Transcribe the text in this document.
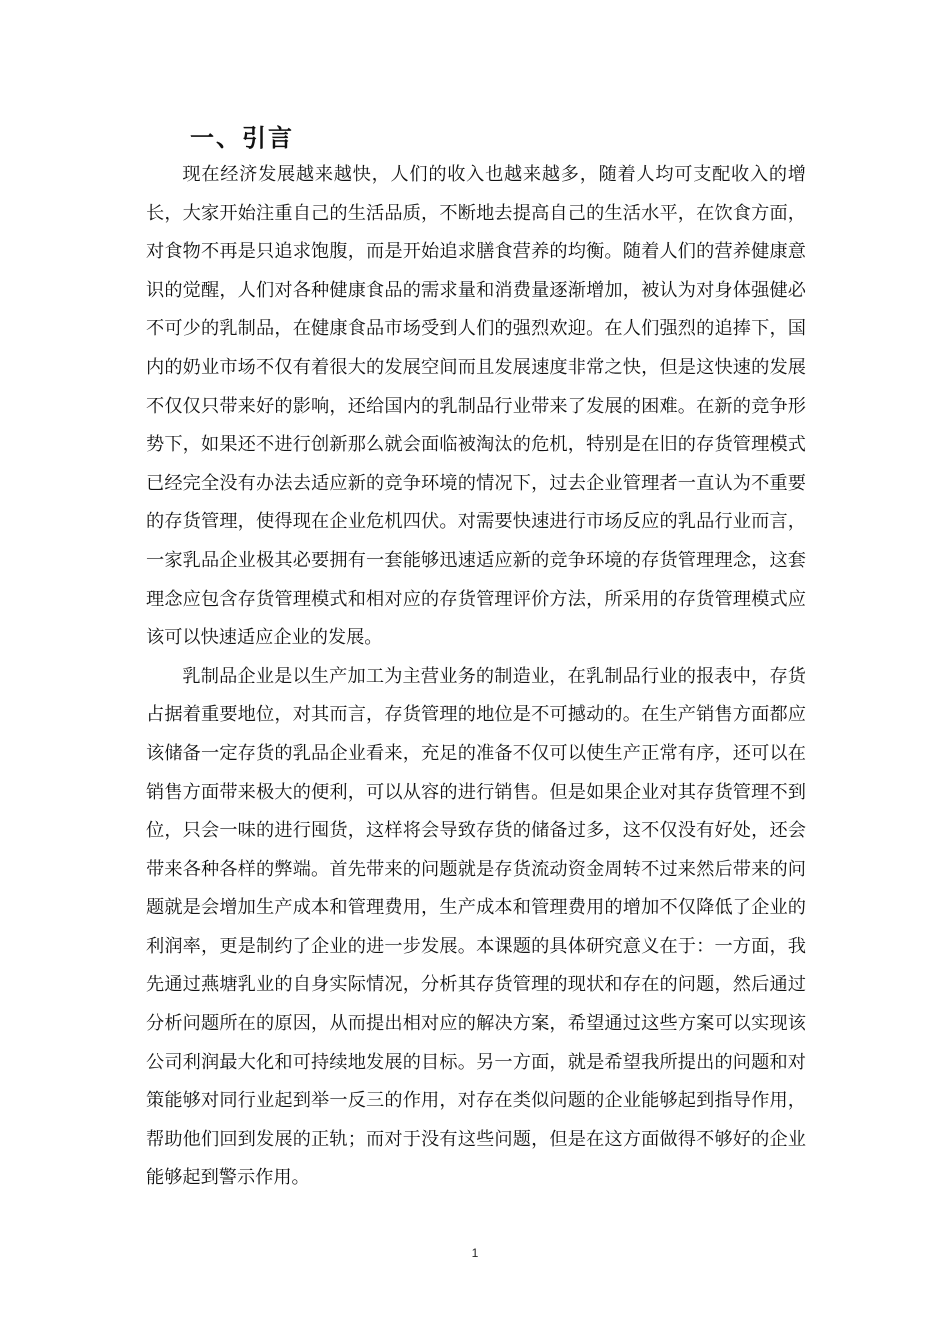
一、引言

现在经济发展越来越快，人们的收入也越来越多，随着人均可支配收入的增长，大家开始注重自己的生活品质，不断地去提高自己的生活水平，在饮食方面，对食物不再是只追求饱腹，而是开始追求膳食营养的均衡。随着人们的营养健康意识的觉醒，人们对各种健康食品的需求量和消费量逐渐增加，被认为对身体强健必不可少的乳制品，在健康食品市场受到人们的强烈欢迎。在人们强烈的追捧下，国内的奶业市场不仅有着很大的发展空间而且发展速度非常之快，但是这快速的发展不仅仅只带来好的影响，还给国内的乳制品行业带来了发展的困难。在新的竞争形势下，如果还不进行创新那么就会面临被淘汰的危机，特别是在旧的存货管理模式已经完全没有办法去适应新的竞争环境的情况下，过去企业管理者一直认为不重要的存货管理，使得现在企业危机四伏。对需要快速进行市场反应的乳品行业而言，一家乳品企业极其必要拥有一套能够迅速适应新的竞争环境的存货管理理念，这套理念应包含存货管理模式和相对应的存货管理评价方法，所采用的存货管理模式应该可以快速适应企业的发展。

乳制品企业是以生产加工为主营业务的制造业，在乳制品行业的报表中，存货占据着重要地位，对其而言，存货管理的地位是不可撼动的。在生产销售方面都应该储备一定存货的乳品企业看来，充足的准备不仅可以使生产正常有序，还可以在销售方面带来极大的便利，可以从容的进行销售。但是如果企业对其存货管理不到位，只会一味的进行囤货，这样将会导致存货的储备过多，这不仅没有好处，还会带来各种各样的弊端。首先带来的问题就是存货流动资金周转不过来然后带来的问题就是会增加生产成本和管理费用，生产成本和管理费用的增加不仅降低了企业的利润率，更是制约了企业的进一步发展。本课题的具体研究意义在于：一方面，我先通过燕塘乳业的自身实际情况，分析其存货管理的现状和存在的问题，然后通过分析问题所在的原因，从而提出相对应的解决方案，希望通过这些方案可以实现该公司利润最大化和可持续地发展的目标。另一方面，就是希望我所提出的问题和对策能够对同行业起到举一反三的作用，对存在类似问题的企业能够起到指导作用，帮助他们回到发展的正轨；而对于没有这些问题，但是在这方面做得不够好的企业能够起到警示作用。

1
